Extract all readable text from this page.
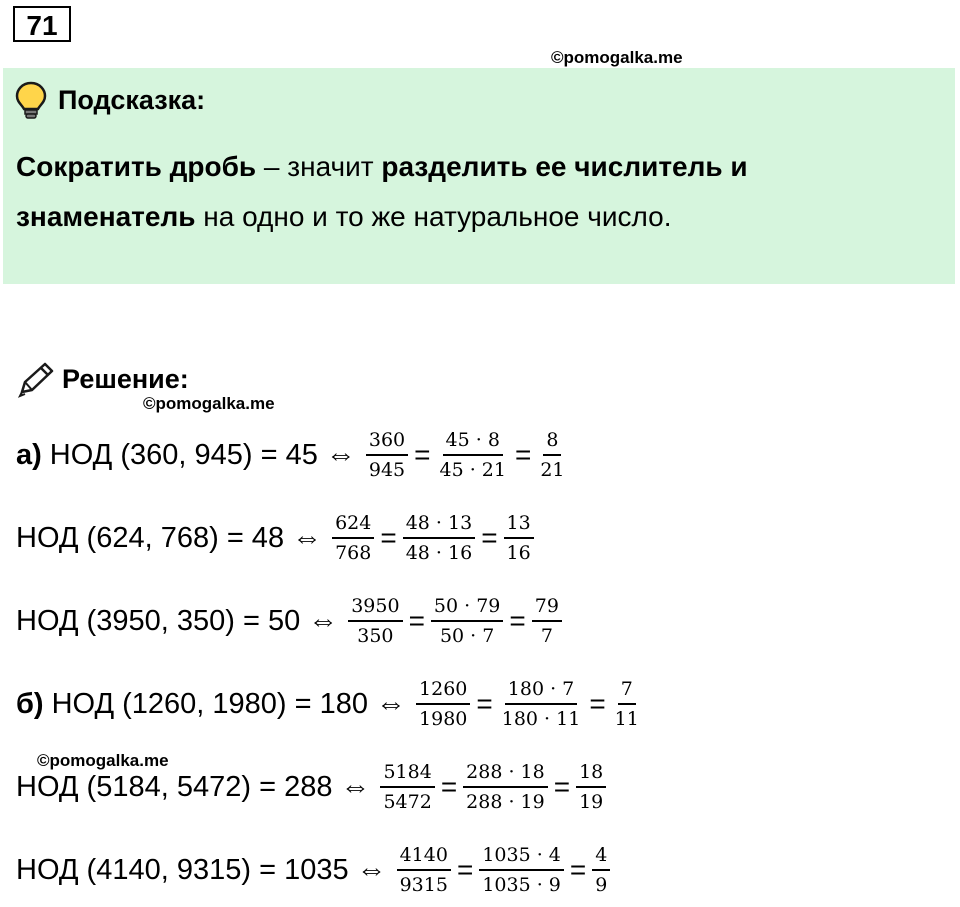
71
©pomogalka.me
Подсказка:
Сократить дробь – значит разделить ее числитель и знаменатель на одно и то же натуральное число.
Решение:
©pomogalka.me
©pomogalka.me
а) НОД (360, 945) = 45 ⇔ $\frac{360}{945} = \frac{45 \cdot 8}{45 \cdot 21} = \frac{8}{21}$
НОД (624, 768) = 48 ⇔ $\frac{624}{768} = \frac{48 \cdot 13}{48 \cdot 16} = \frac{13}{16}$
НОД (3950, 350) = 50 ⇔ $\frac{3950}{350} = \frac{50 \cdot 79}{50 \cdot 7} = \frac{79}{7}$
б) НОД (1260, 1980) = 180 ⇔ $\frac{1260}{1980} = \frac{180 \cdot 7}{180 \cdot 11} = \frac{7}{11}$
НОД (5184, 5472) = 288 ⇔ $\frac{5184}{5472} = \frac{288 \cdot 18}{288 \cdot 19} = \frac{18}{19}$
НОД (4140, 9315) = 1035 ⇔ $\frac{4140}{9315} = \frac{1035 \cdot 4}{1035 \cdot 9} = \frac{4}{9}$
